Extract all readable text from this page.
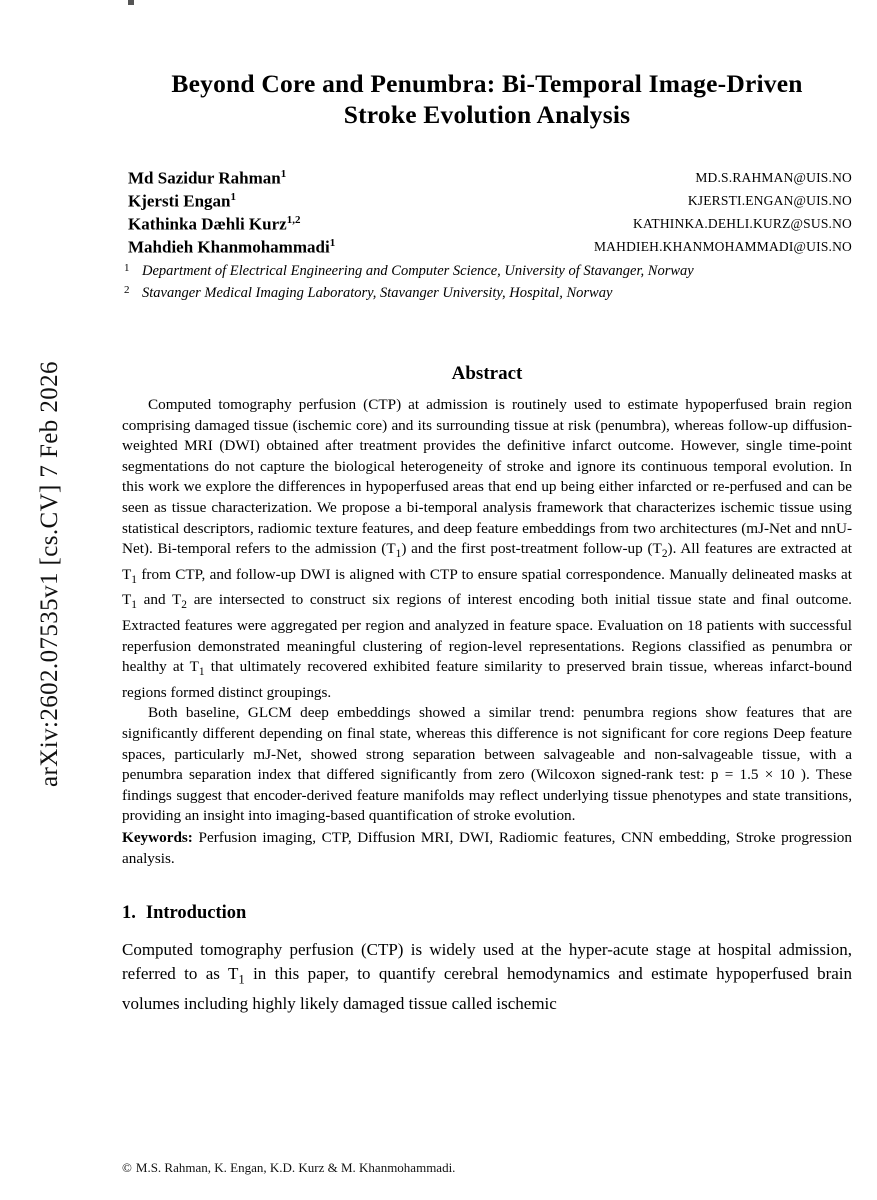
arXiv:2602.07535v1 [cs.CV] 7 Feb 2026
Beyond Core and Penumbra: Bi-Temporal Image-Driven
Stroke Evolution Analysis
Md Sazidur Rahman$^1$	MD.S.RAHMAN@UIS.NO
Kjersti Engan$^1$	KJERSTI.ENGAN@UIS.NO
Kathinka Dæhli Kurz$^{1,2}$	KATHINKA.DEHLI.KURZ@SUS.NO
Mahdieh Khanmohammadi$^1$	MAHDIEH.KHANMOHAMMADI@UIS.NO
1 Department of Electrical Engineering and Computer Science, University of Stavanger, Norway
2 Stavanger Medical Imaging Laboratory, Stavanger University, Hospital, Norway
Abstract

Computed tomography perfusion (CTP) at admission is routinely used to estimate hypoperfused brain region comprising damaged tissue (ischemic core) and its surrounding tissue at risk (penumbra), whereas follow-up diffusion-weighted MRI (DWI) obtained after treatment provides the definitive infarct outcome. However, single time-point segmentations do not capture the biological heterogeneity of stroke and ignore its continuous temporal evolution. In this work we explore the differences in hypoperfused areas that end up being either infarcted or re-perfused and can be seen as tissue characterization. We propose a bi-temporal analysis framework that characterizes ischemic tissue using statistical descriptors, radiomic texture features, and deep feature embeddings from two architectures (mJ-Net and nnU-Net). Bi-temporal refers to the admission $(T_1)$ and the first post-treatment follow-up $(T_2)$. All features are extracted at $T_1$ from CTP, and follow-up DWI is aligned with CTP to ensure spatial correspondence. Manually delineated masks at $T_1$ and $T_2$ are intersected to construct six regions of interest encoding both initial tissue state and final outcome. Extracted features were aggregated per region and analyzed in feature space. Evaluation on 18 patients with successful reperfusion demonstrated meaningful clustering of region-level representations. Regions classified as penumbra or healthy at $T_1$ that ultimately recovered exhibited feature similarity to preserved brain tissue, whereas infarct-bound regions formed distinct groupings.

Both baseline, GLCM deep embeddings showed a similar trend: penumbra regions show features that are significantly different depending on final state, whereas this difference is not significant for core regions Deep feature spaces, particularly mJ-Net, showed strong separation between salvageable and non-salvageable tissue, with a penumbra separation index that differed significantly from zero (Wilcoxon signed-rank test: p = 1.5 × 10 ). These findings suggest that encoder-derived feature manifolds may reflect underlying tissue phenotypes and state transitions, providing an insight into imaging-based quantification of stroke evolution.

Keywords: Perfusion imaging, CTP, Diffusion MRI, DWI, Radiomic features, CNN embedding, Stroke progression analysis.
1. Introduction

Computed tomography perfusion (CTP) is widely used at the hyper-acute stage at hospital admission, referred to as $T_1$ in this paper, to quantify cerebral hemodynamics and estimate hypoperfused brain volumes including highly likely damaged tissue called ischemic

© M.S. Rahman, K. Engan, K.D. Kurz & M. Khanmohammadi.
